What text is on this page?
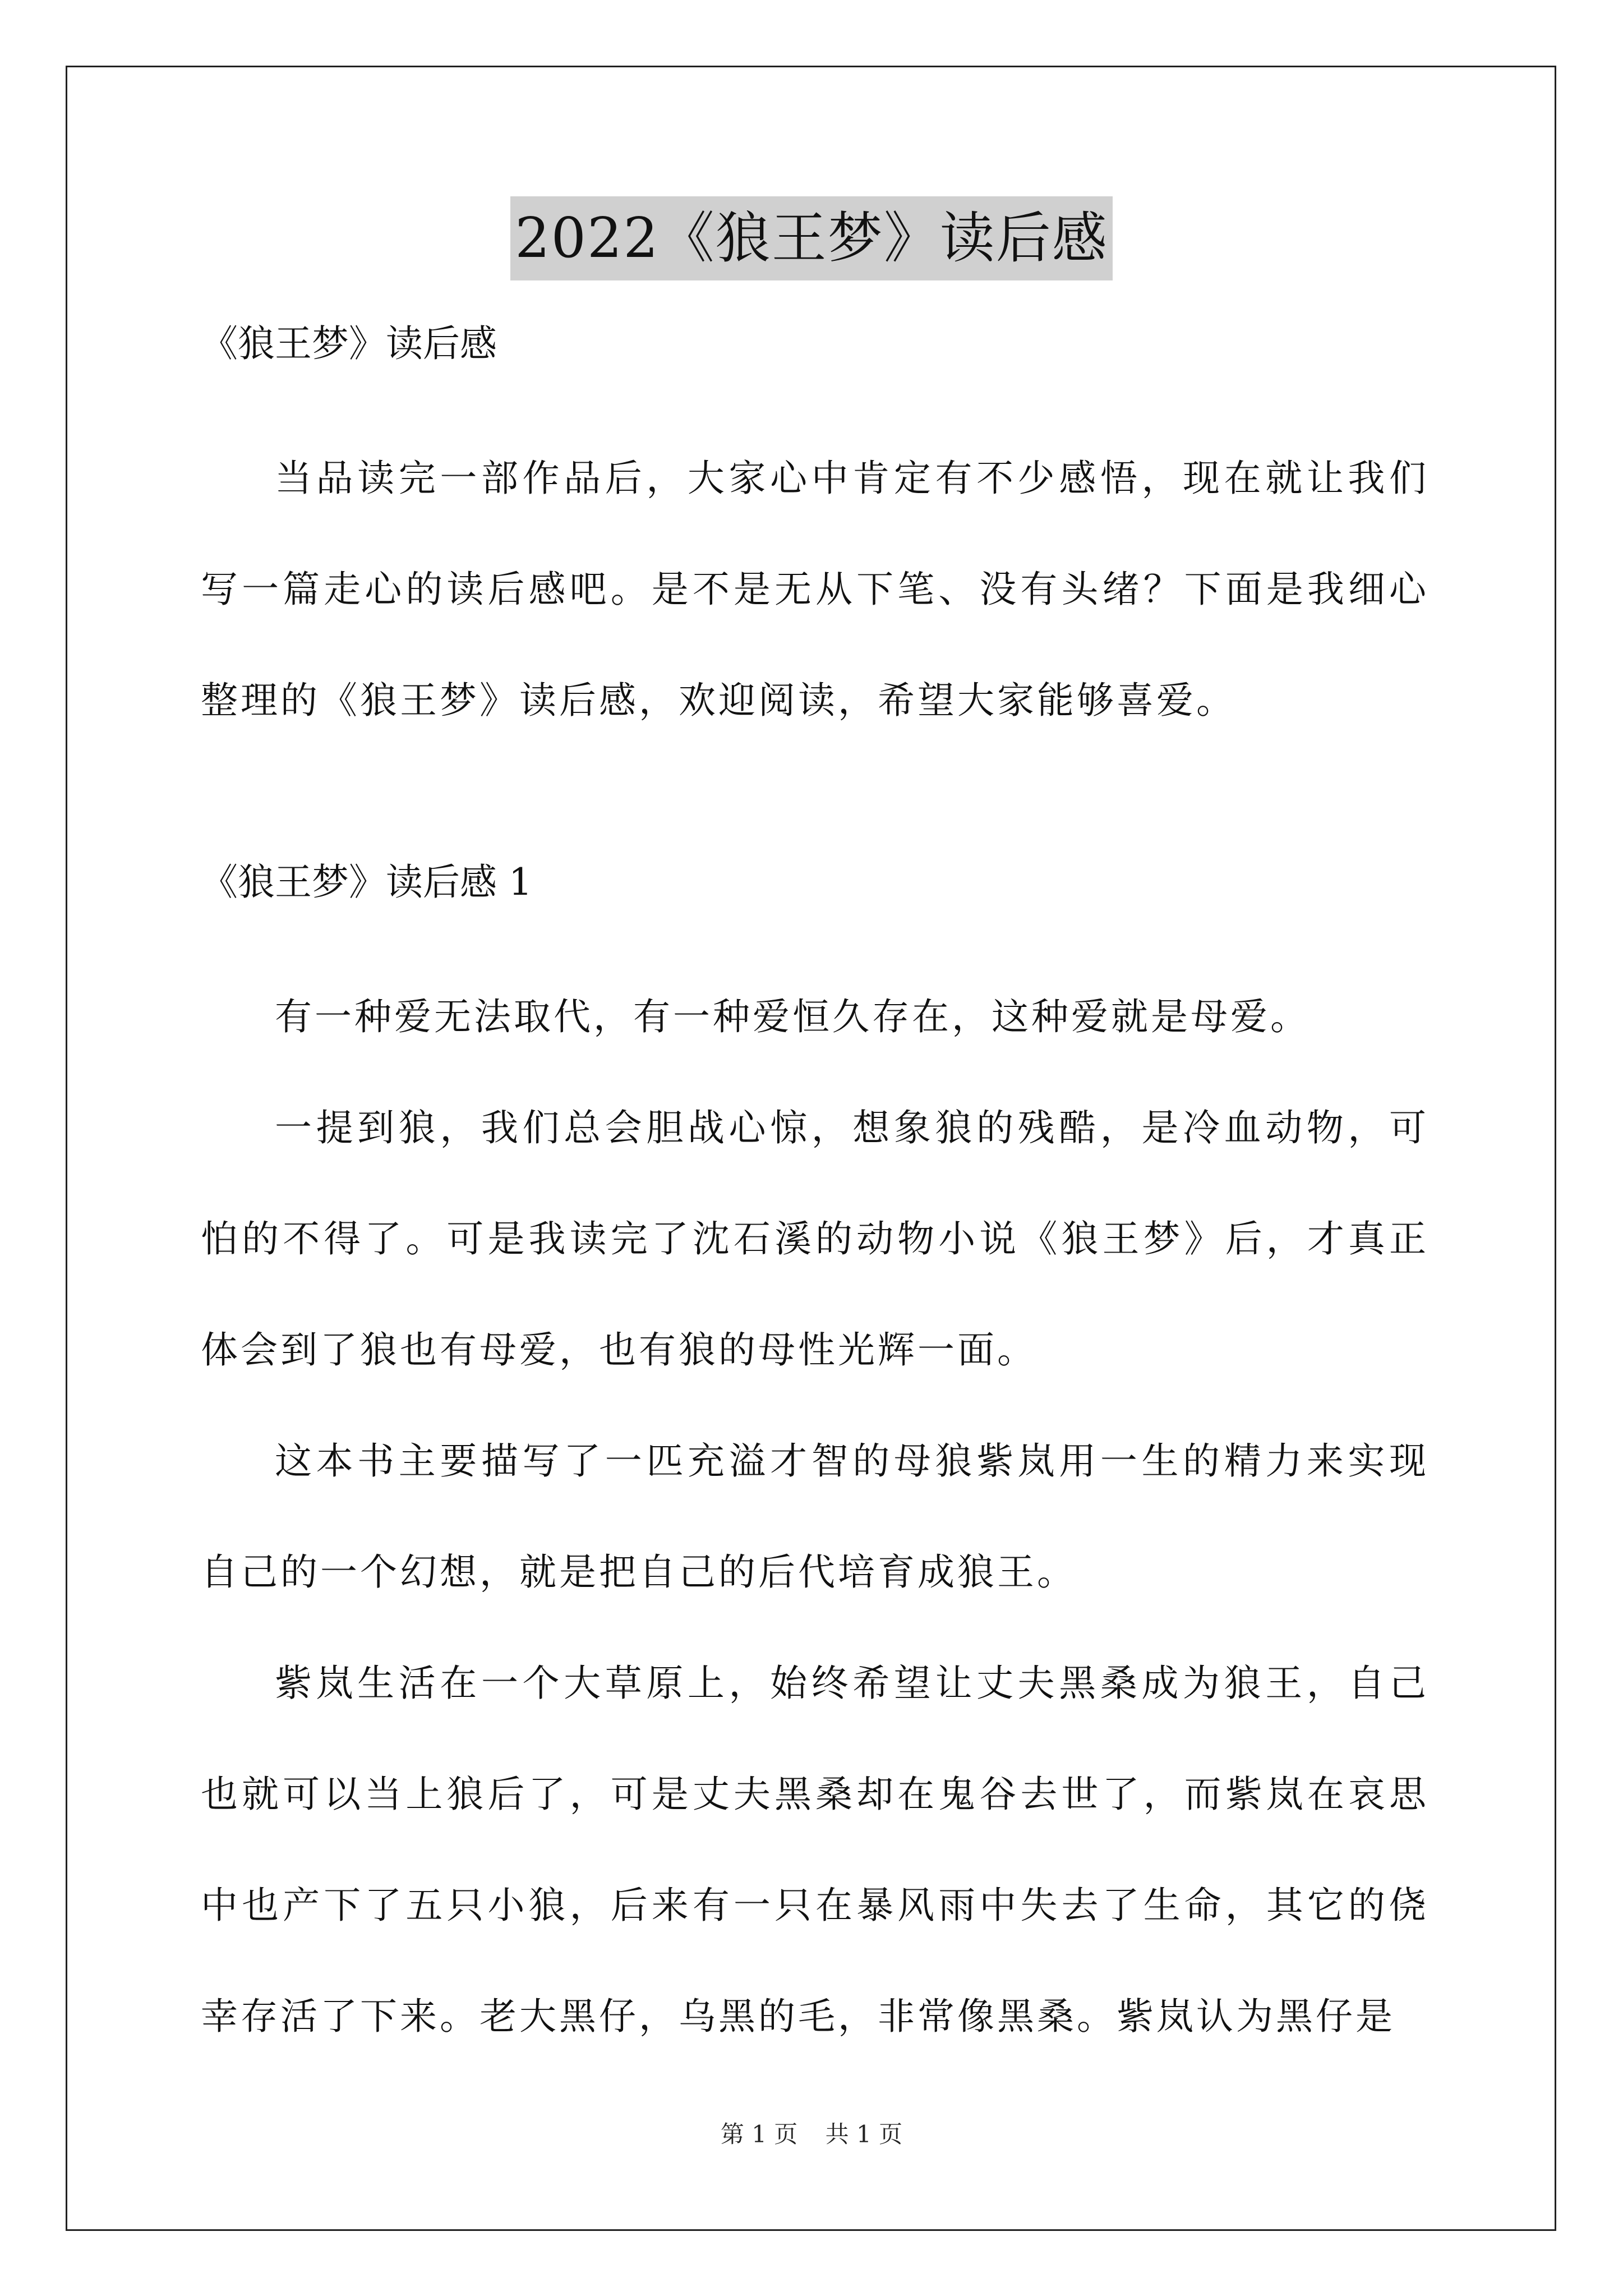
2022《狼王梦》读后感

《狼王梦》读后感

当品读完一部作品后，大家心中肯定有不少感悟，现在就让我们写一篇走心的读后感吧。是不是无从下笔、没有头绪？下面是我细心整理的《狼王梦》读后感，欢迎阅读，希望大家能够喜爱。

《狼王梦》读后感 1

有一种爱无法取代，有一种爱恒久存在，这种爱就是母爱。

一提到狼，我们总会胆战心惊，想象狼的残酷，是冷血动物，可怕的不得了。可是我读完了沈石溪的动物小说《狼王梦》后，才真正体会到了狼也有母爱，也有狼的母性光辉一面。

这本书主要描写了一匹充溢才智的母狼紫岚用一生的精力来实现自己的一个幻想，就是把自己的后代培育成狼王。

紫岚生活在一个大草原上，始终希望让丈夫黑桑成为狼王，自己也就可以当上狼后了，可是丈夫黑桑却在鬼谷去世了，而紫岚在哀思中也产下了五只小狼，后来有一只在暴风雨中失去了生命，其它的侥幸存活了下来。老大黑仔，乌黑的毛，非常像黑桑。紫岚认为黑仔是

第 1 页 共 1 页
